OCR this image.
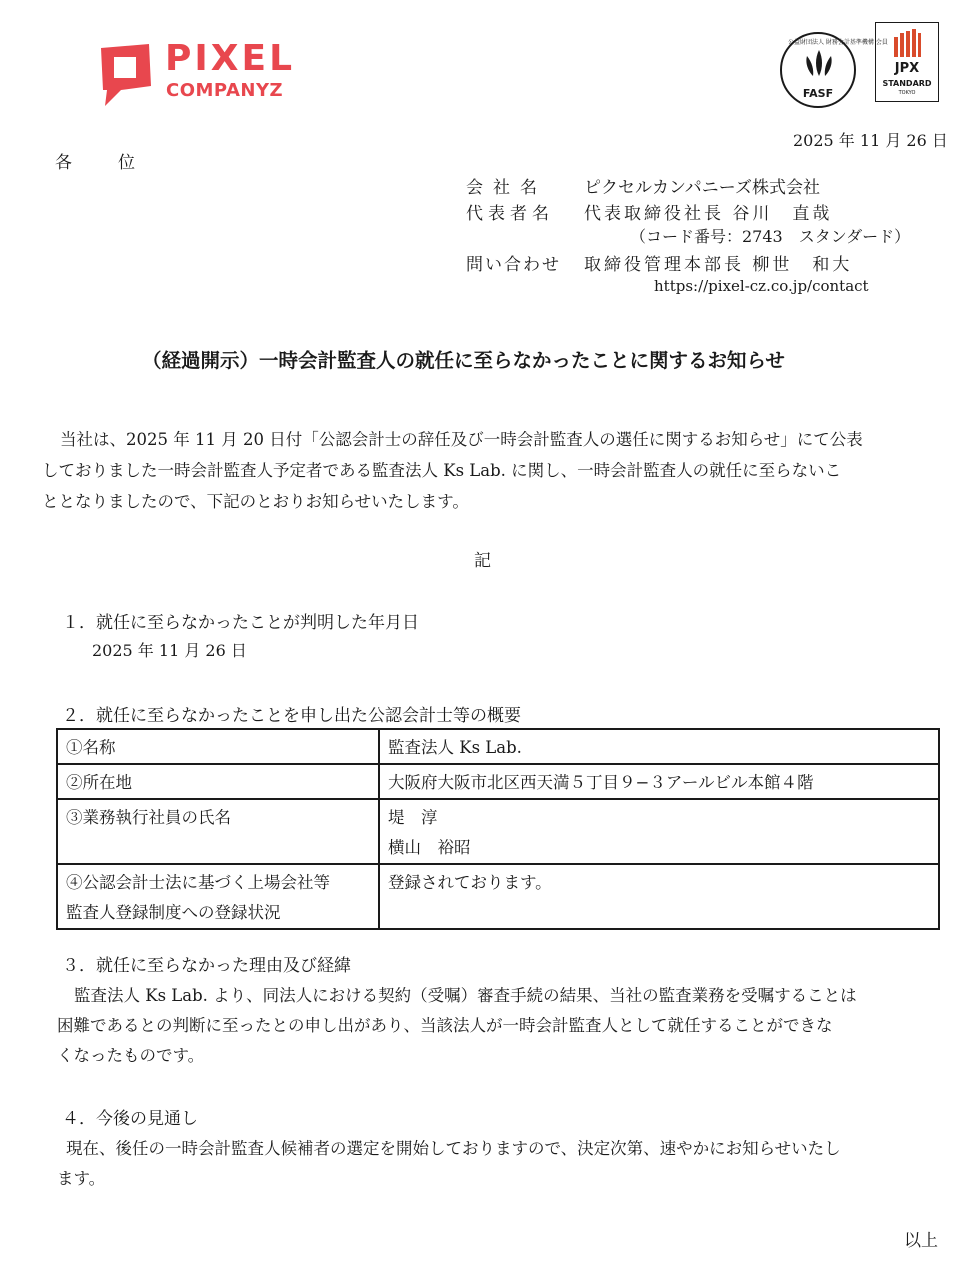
PIXEL
COMPANYZ
公益財団法人 財務会計基準機構 会員
FASF
JPX
STANDARD
TOKYO
2025 年 11 月 26 日
各位
会社名 ピクセルカンパニーズ株式会社
代表者名 代表取締役社長 谷川　直哉
（コード番号：2743　スタンダード）
問い合わせ 取締役管理本部長 柳世　和大
https://pixel-cz.co.jp/contact
（経過開示）一時会計監査人の就任に至らなかったことに関するお知らせ
当社は、2025 年 11 月 20 日付「公認会計士の辞任及び一時会計監査人の選任に関するお知らせ」にて公表
しておりました一時会計監査人予定者である監査法人 Ks Lab. に関し、一時会計監査人の就任に至らないこ
ととなりましたので、下記のとおりお知らせいたします。
記
１．就任に至らなかったことが判明した年月日
2025 年 11 月 26 日
２．就任に至らなかったことを申し出た公認会計士等の概要
①名称	監査法人 Ks Lab.

②所在地	大阪府大阪市北区西天満５丁目９−３アールビル本館４階

③業務執行社員の氏名	堤　淳
横山　裕昭

④公認会計士法に基づく上場会社等
監査人登録制度への登録状況	登録されております。
３．就任に至らなかった理由及び経緯
監査法人 Ks Lab. より、同法人における契約（受嘱）審査手続の結果、当社の監査業務を受嘱することは
困難であるとの判断に至ったとの申し出があり、当該法人が一時会計監査人として就任することができな
くなったものです。
４．今後の見通し
現在、後任の一時会計監査人候補者の選定を開始しておりますので、決定次第、速やかにお知らせいたし
ます。
以上
